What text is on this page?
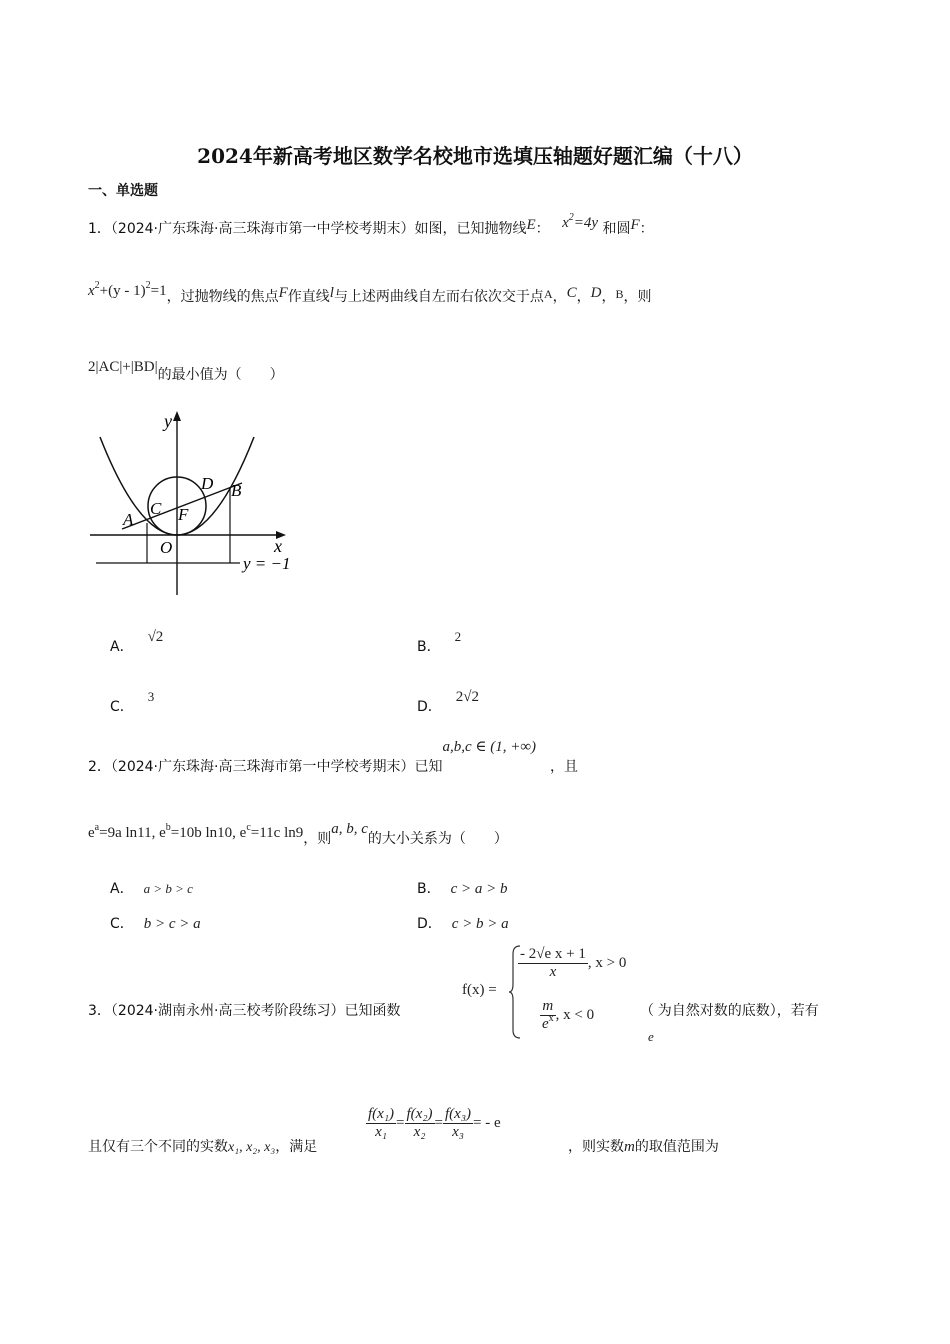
2024年新高考地区数学名校地市选填压轴题好题汇编（十八）
一、单选题
1．（2024·广东珠海·高三珠海市第一中学校考期末）如图，已知抛物线E： $x^2=4y$ 和圆F：
$x^2+(y - 1)^2=1$，过抛物线的焦点F作直线l与上述两曲线自左而右依次交于点A，C，D，B，则
2|AC|+|BD|的最小值为（　　）
y
x
O
A
C F
D B
y = −1
A．√2
B．2
C．3
D．2√2
2．（2024·广东珠海·高三珠海市第一中学校考期末）已知a,b,c ∈ (1, +∞)，且
$e^a=9a$ ln11, $e^b=10b$ ln10, $e^c=11c$ ln9，则a, b, c的大小关系为（　　）
A． a > b > c	B． c > a > b
C． b > c > a	D． c > b > a
3．（2024·湖南永州·高三校考阶段练习）已知函数
f(x) =
$\frac{\text{- 2√e x + 1}}{x}$ , x > 0
$\frac{m}{e^x}$ , x < 0	（e为自然对数的底数），若有
且仅有三个不同的实数x₁, x₂, x₃，满足
$\frac{\text{f(x₁)}}{\text{x₁}} = \frac{\text{f(x₂)}}{\text{x₂}} = \frac{\text{f(x₃)}}{\text{x₃}}$ = - e
，则实数m的取值范围为
